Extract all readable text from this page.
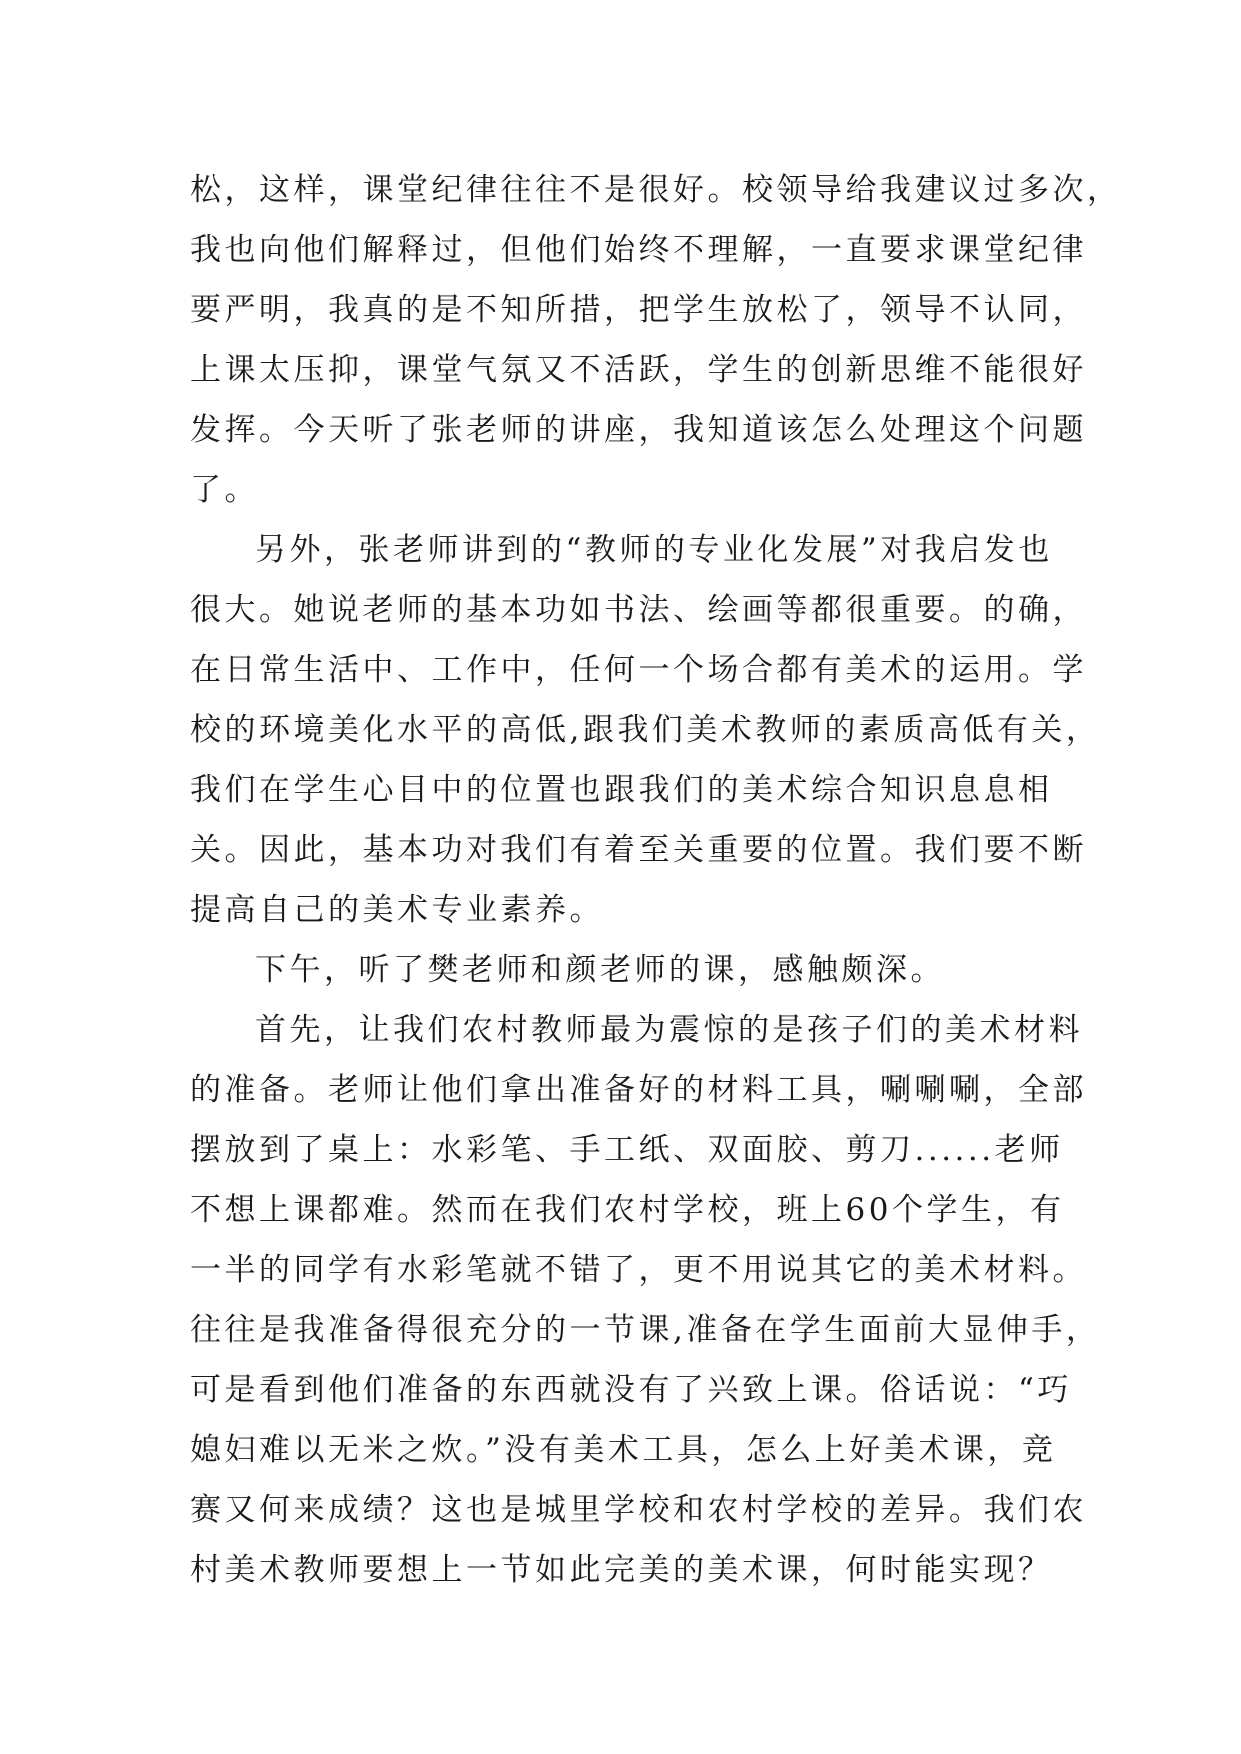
松，这样，课堂纪律往往不是很好。校领导给我建议过多次，
我也向他们解释过，但他们始终不理解，一直要求课堂纪律
要严明，我真的是不知所措，把学生放松了，领导不认同，
上课太压抑，课堂气氛又不活跃，学生的创新思维不能很好
发挥。今天听了张老师的讲座，我知道该怎么处理这个问题
了。
另外，张老师讲到的“教师的专业化发展”对我启发也
很大。她说老师的基本功如书法、绘画等都很重要。的确，
在日常生活中、工作中，任何一个场合都有美术的运用。学
校的环境美化水平的高低,跟我们美术教师的素质高低有关，
我们在学生心目中的位置也跟我们的美术综合知识息息相
关。因此，基本功对我们有着至关重要的位置。我们要不断
提高自己的美术专业素养。
下午，听了樊老师和颜老师的课，感触颇深。
首先，让我们农村教师最为震惊的是孩子们的美术材料
的准备。老师让他们拿出准备好的材料工具，唰唰唰，全部
摆放到了桌上：水彩笔、手工纸、双面胶、剪刀......老师
不想上课都难。然而在我们农村学校，班上60个学生，有
一半的同学有水彩笔就不错了，更不用说其它的美术材料。
往往是我准备得很充分的一节课,准备在学生面前大显伸手，
可是看到他们准备的东西就没有了兴致上课。俗话说：“巧
媳妇难以无米之炊。”没有美术工具，怎么上好美术课，竞
赛又何来成绩？这也是城里学校和农村学校的差异。我们农
村美术教师要想上一节如此完美的美术课，何时能实现？
